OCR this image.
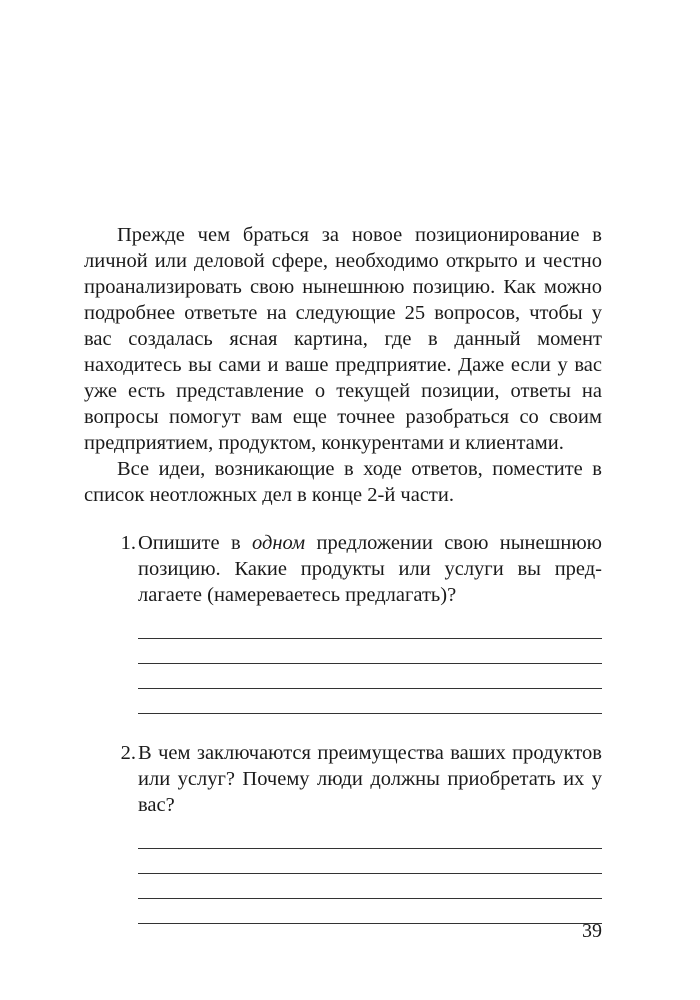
Прежде чем браться за новое позиционирование в личной или деловой сфере, необходимо открыто и честно проанализировать свою нынешнюю позицию. Как можно подробнее ответьте на следующие 25 вопросов, чтобы у вас создалась ясная картина, где в данный момент находитесь вы сами и ваше предприятие. Даже если у вас уже есть представление о текущей позиции, ответы на вопросы помогут вам еще точнее разобраться со своим предприятием, продуктом, конкурентами и клиентами.

Все идеи, возникающие в ходе ответов, поместите в список неотложных дел в конце 2-й части.

1. Опишите в одном предложении свою нынешнюю позицию. Какие продукты или услуги вы предлагаете (намереваетесь предлагать)?
2. В чем заключаются преимущества ваших продуктов или услуг? Почему люди должны приобретать их у вас?
39
